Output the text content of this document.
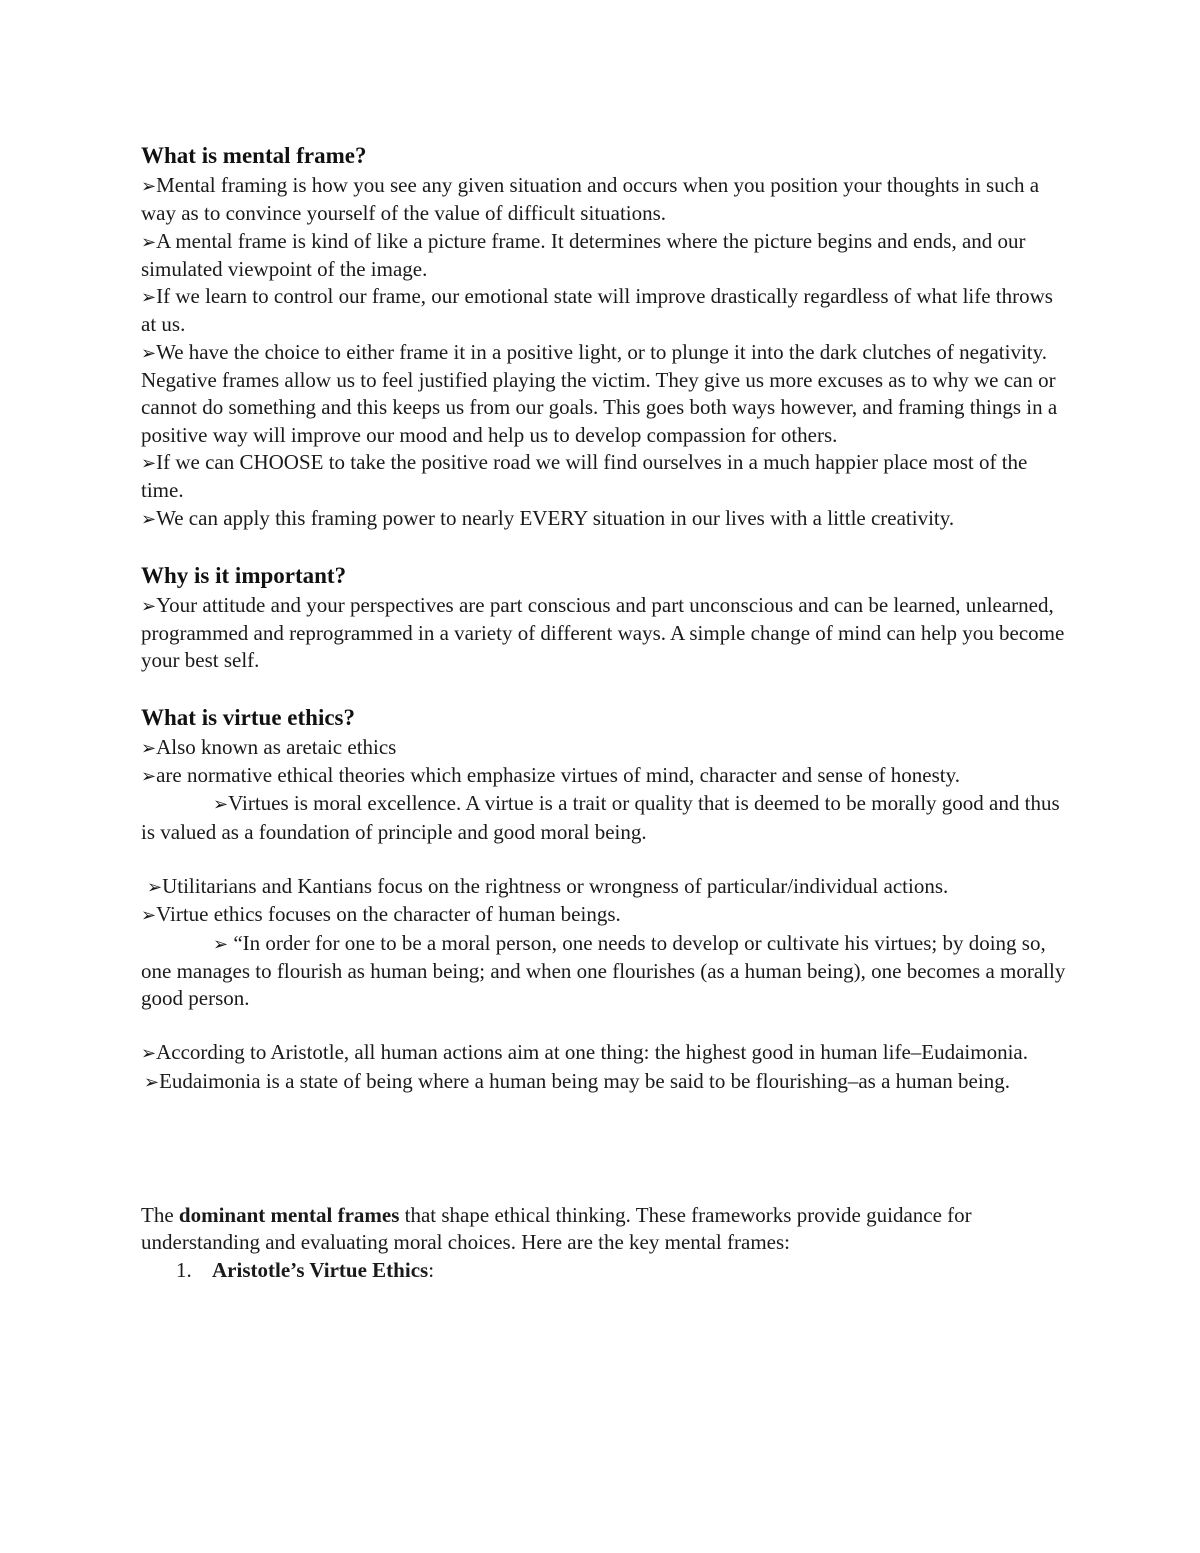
What is mental frame?

➢Mental framing is how you see any given situation and occurs when you position your thoughts in such a way as to convince yourself of the value of difficult situations.

➢A mental frame is kind of like a picture frame. It determines where the picture begins and ends, and our simulated viewpoint of the image.

➢If we learn to control our frame, our emotional state will improve drastically regardless of what life throws at us.

➢We have the choice to either frame it in a positive light, or to plunge it into the dark clutches of negativity. Negative frames allow us to feel justified playing the victim. They give us more excuses as to why we can or cannot do something and this keeps us from our goals. This goes both ways however, and framing things in a positive way will improve our mood and help us to develop compassion for others.

➢If we can CHOOSE to take the positive road we will find ourselves in a much happier place most of the time.

➢We can apply this framing power to nearly EVERY situation in our lives with a little creativity.

Why is it important?

➢Your attitude and your perspectives are part conscious and part unconscious and can be learned, unlearned, programmed and reprogrammed in a variety of different ways. A simple change of mind can help you become your best self.

What is virtue ethics?

➢Also known as aretaic ethics

➢are normative ethical theories which emphasize virtues of mind, character and sense of honesty.

➢Virtues is moral excellence. A virtue is a trait or quality that is deemed to be morally good and thus is valued as a foundation of principle and good moral being.

➢Utilitarians and Kantians focus on the rightness or wrongness of particular/individual actions.

➢Virtue ethics focuses on the character of human beings.

➢ “In order for one to be a moral person, one needs to develop or cultivate his virtues; by doing so, one manages to flourish as human being; and when one flourishes (as a human being), one becomes a morally good person.

➢According to Aristotle, all human actions aim at one thing: the highest good in human life–Eudaimonia.

➢Eudaimonia is a state of being where a human being may be said to be flourishing–as a human being.

The dominant mental frames that shape ethical thinking. These frameworks provide guidance for understanding and evaluating moral choices. Here are the key mental frames:

1. Aristotle’s Virtue Ethics:
